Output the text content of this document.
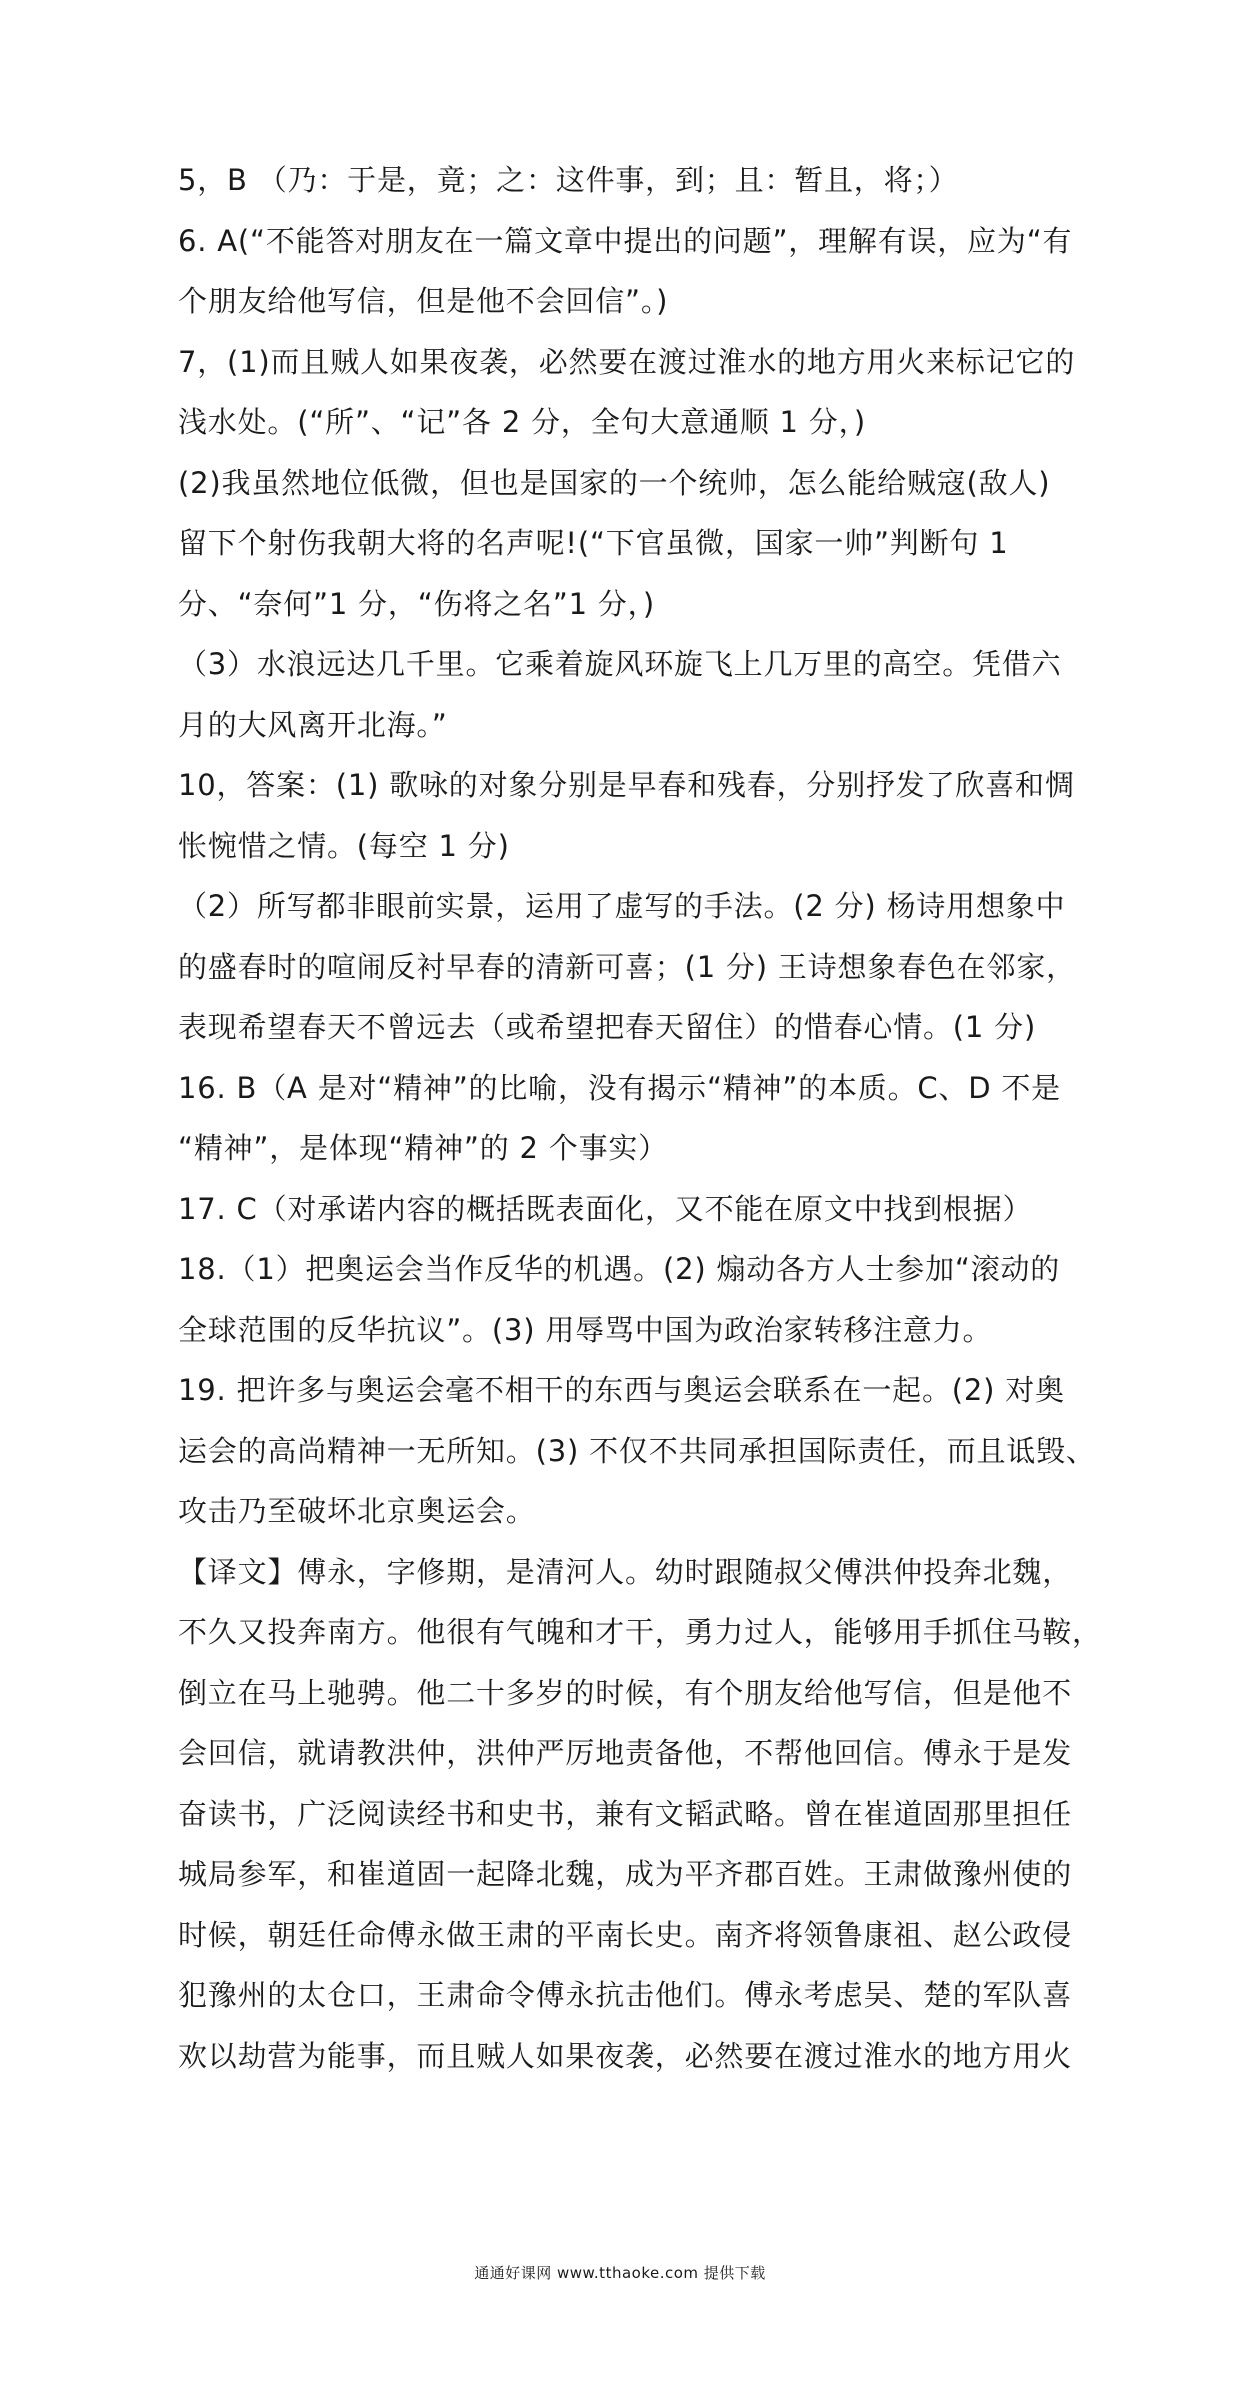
5，B （乃：于是，竟；之：这件事，到；且：暂且，将；）
6. A(“不能答对朋友在一篇文章中提出的问题”，理解有误，应为“有
个朋友给他写信，但是他不会回信”。)
7，(1)而且贼人如果夜袭，必然要在渡过淮水的地方用火来标记它的
浅水处。(“所”、“记”各 2 分，全句大意通顺 1 分，)
(2)我虽然地位低微，但也是国家的一个统帅，怎么能给贼寇(敌人)
留下个射伤我朝大将的名声呢!(“下官虽微，国家一帅”判断句 1
分、“奈何”1 分，“伤将之名”1 分，)
（3）水浪远达几千里。它乘着旋风环旋飞上几万里的高空。凭借六
月的大风离开北海。”
10，答案：(1) 歌咏的对象分别是早春和残春，分别抒发了欣喜和惆
怅惋惜之情。(每空 1 分)
（2）所写都非眼前实景，运用了虚写的手法。(2 分) 杨诗用想象中
的盛春时的喧闹反衬早春的清新可喜；(1 分) 王诗想象春色在邻家，
表现希望春天不曾远去（或希望把春天留住）的惜春心情。(1 分)
16. B（A 是对“精神”的比喻，没有揭示“精神”的本质。C、D 不是
“精神”，是体现“精神”的 2 个事实）
17. C（对承诺内容的概括既表面化，又不能在原文中找到根据）
18.（1）把奥运会当作反华的机遇。(2) 煽动各方人士参加“滚动的
全球范围的反华抗议”。(3) 用辱骂中国为政治家转移注意力。
19. 把许多与奥运会毫不相干的东西与奥运会联系在一起。(2) 对奥
运会的高尚精神一无所知。(3) 不仅不共同承担国际责任，而且诋毁、
攻击乃至破坏北京奥运会。
【译文】傅永，字修期，是清河人。幼时跟随叔父傅洪仲投奔北魏，
不久又投奔南方。他很有气魄和才干，勇力过人，能够用手抓住马鞍，
倒立在马上驰骋。他二十多岁的时候，有个朋友给他写信，但是他不
会回信，就请教洪仲，洪仲严厉地责备他，不帮他回信。傅永于是发
奋读书，广泛阅读经书和史书，兼有文韬武略。曾在崔道固那里担任
城局参军，和崔道固一起降北魏，成为平齐郡百姓。王肃做豫州使的
时候，朝廷任命傅永做王肃的平南长史。南齐将领鲁康祖、赵公政侵
犯豫州的太仓口，王肃命令傅永抗击他们。傅永考虑吴、楚的军队喜
欢以劫营为能事，而且贼人如果夜袭，必然要在渡过淮水的地方用火
通通好课网 www.tthaoke.com 提供下载
